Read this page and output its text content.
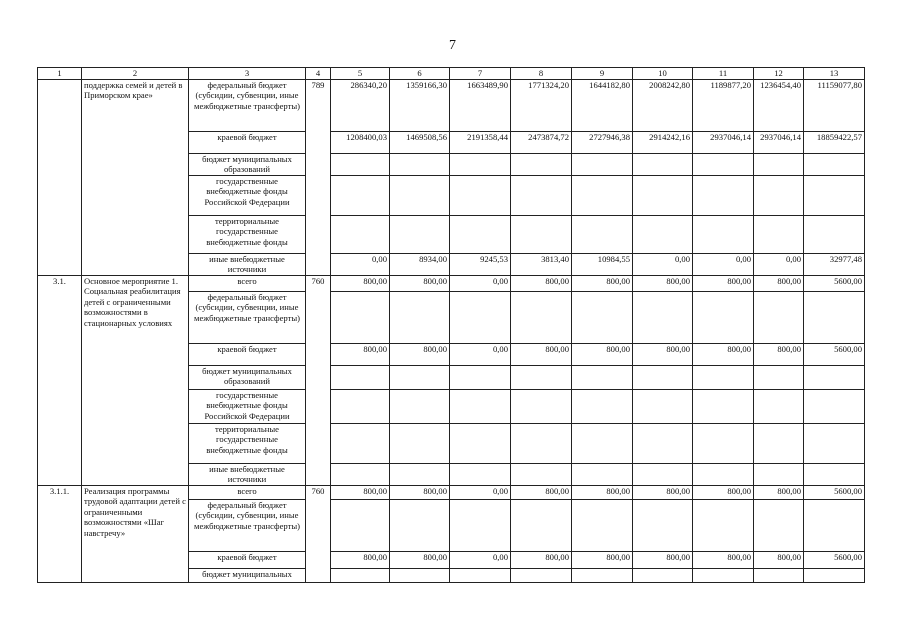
7
1	2	3	4	5	6	7	8	9	10	11	12	13
	поддержка семей и детей в Приморском крае»	федеральный бюджет (субсидии, субвенции, иные межбюджетные трансферты)	789	286340,20	1359166,30	1663489,90	1771324,20	1644182,80	2008242,80	1189877,20	1236454,40	11159077,80
		краевой бюджет		1208400,03	1469508,56	2191358,44	2473874,72	2727946,38	2914242,16	2937046,14	2937046,14	18859422,57
		бюджет муниципальных образований										
		государственные внебюджетные фонды Российской Федерации										
		территориальные государственные внебюджетные фонды										
		иные внебюджетные источники		0,00	8934,00	9245,53	3813,40	10984,55	0,00	0,00	0,00	32977,48
3.1.	Основное мероприятие 1. Социальная реабилитация детей с ограниченными возможностями в стационарных условиях	всего	760	800,00	800,00	0,00	800,00	800,00	800,00	800,00	800,00	5600,00
		федеральный бюджет (субсидии, субвенции, иные межбюджетные трансферты)										
		краевой бюджет		800,00	800,00	0,00	800,00	800,00	800,00	800,00	800,00	5600,00
		бюджет муниципальных образований										
		государственные внебюджетные фонды Российской Федерации										
		территориальные государственные внебюджетные фонды										
		иные внебюджетные источники										
3.1.1.	Реализация программы трудовой адаптации детей с ограниченными возможностями «Шаг навстречу»	всего	760	800,00	800,00	0,00	800,00	800,00	800,00	800,00	800,00	5600,00
		федеральный бюджет (субсидии, субвенции, иные межбюджетные трансферты)										
		краевой бюджет		800,00	800,00	0,00	800,00	800,00	800,00	800,00	800,00	5600,00
		бюджет муниципальных										
